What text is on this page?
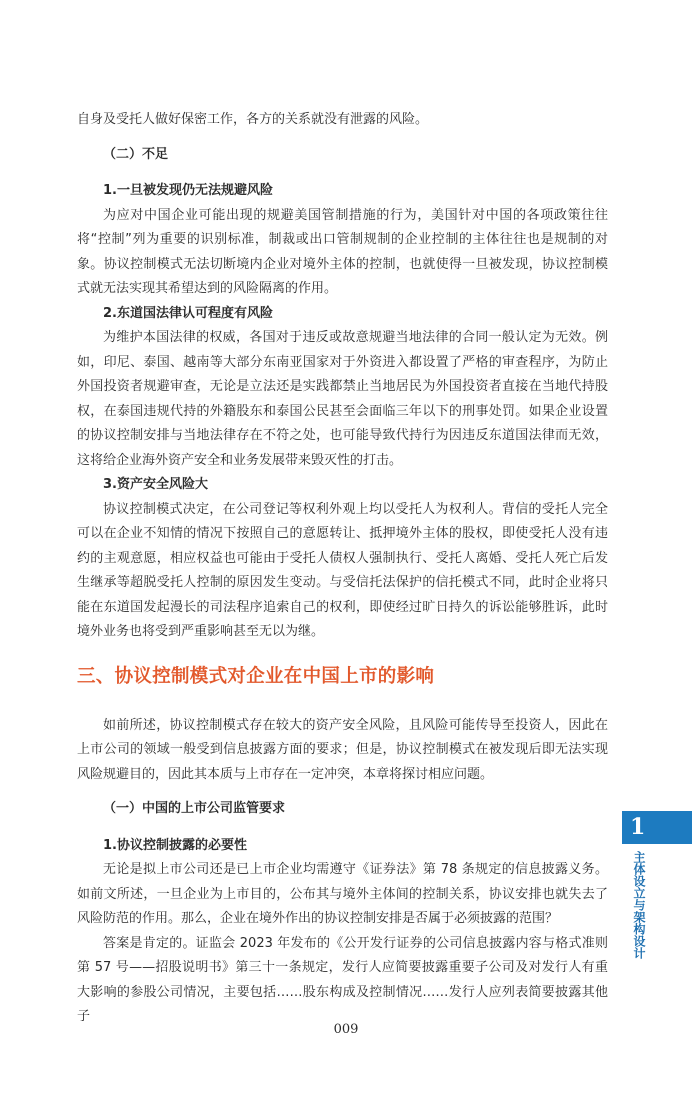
自身及受托人做好保密工作，各方的关系就没有泄露的风险。

（二）不足

1.一旦被发现仍无法规避风险

为应对中国企业可能出现的规避美国管制措施的行为，美国针对中国的各项政策往往将“控制”列为重要的识别标准，制裁或出口管制规制的企业控制的主体往往也是规制的对象。协议控制模式无法切断境内企业对境外主体的控制，也就使得一旦被发现，协议控制模式就无法实现其希望达到的风险隔离的作用。

2.东道国法律认可程度有风险

为维护本国法律的权威，各国对于违反或故意规避当地法律的合同一般认定为无效。例如，印尼、泰国、越南等大部分东南亚国家对于外资进入都设置了严格的审查程序，为防止外国投资者规避审查，无论是立法还是实践都禁止当地居民为外国投资者直接在当地代持股权，在泰国违规代持的外籍股东和泰国公民甚至会面临三年以下的刑事处罚。如果企业设置的协议控制安排与当地法律存在不符之处，也可能导致代持行为因违反东道国法律而无效，这将给企业海外资产安全和业务发展带来毁灭性的打击。

3.资产安全风险大

协议控制模式决定，在公司登记等权利外观上均以受托人为权利人。背信的受托人完全可以在企业不知情的情况下按照自己的意愿转让、抵押境外主体的股权，即使受托人没有违约的主观意愿，相应权益也可能由于受托人债权人强制执行、受托人离婚、受托人死亡后发生继承等超脱受托人控制的原因发生变动。与受信托法保护的信托模式不同，此时企业将只能在东道国发起漫长的司法程序追索自己的权利，即使经过旷日持久的诉讼能够胜诉，此时境外业务也将受到严重影响甚至无以为继。

三、协议控制模式对企业在中国上市的影响

如前所述，协议控制模式存在较大的资产安全风险，且风险可能传导至投资人，因此在上市公司的领域一般受到信息披露方面的要求；但是，协议控制模式在被发现后即无法实现风险规避目的，因此其本质与上市存在一定冲突，本章将探讨相应问题。

（一）中国的上市公司监管要求

1.协议控制披露的必要性

无论是拟上市公司还是已上市企业均需遵守《证券法》第 78 条规定的信息披露义务。如前文所述，一旦企业为上市目的，公布其与境外主体间的控制关系，协议安排也就失去了风险防范的作用。那么，企业在境外作出的协议控制安排是否属于必须披露的范围？

答案是肯定的。证监会 2023 年发布的《公开发行证券的公司信息披露内容与格式准则第 57 号——招股说明书》第三十一条规定，发行人应简要披露重要子公司及对发行人有重大影响的参股公司情况，主要包括……股东构成及控制情况……发行人应列表简要披露其他子

009
1
主体设立与架构设计
